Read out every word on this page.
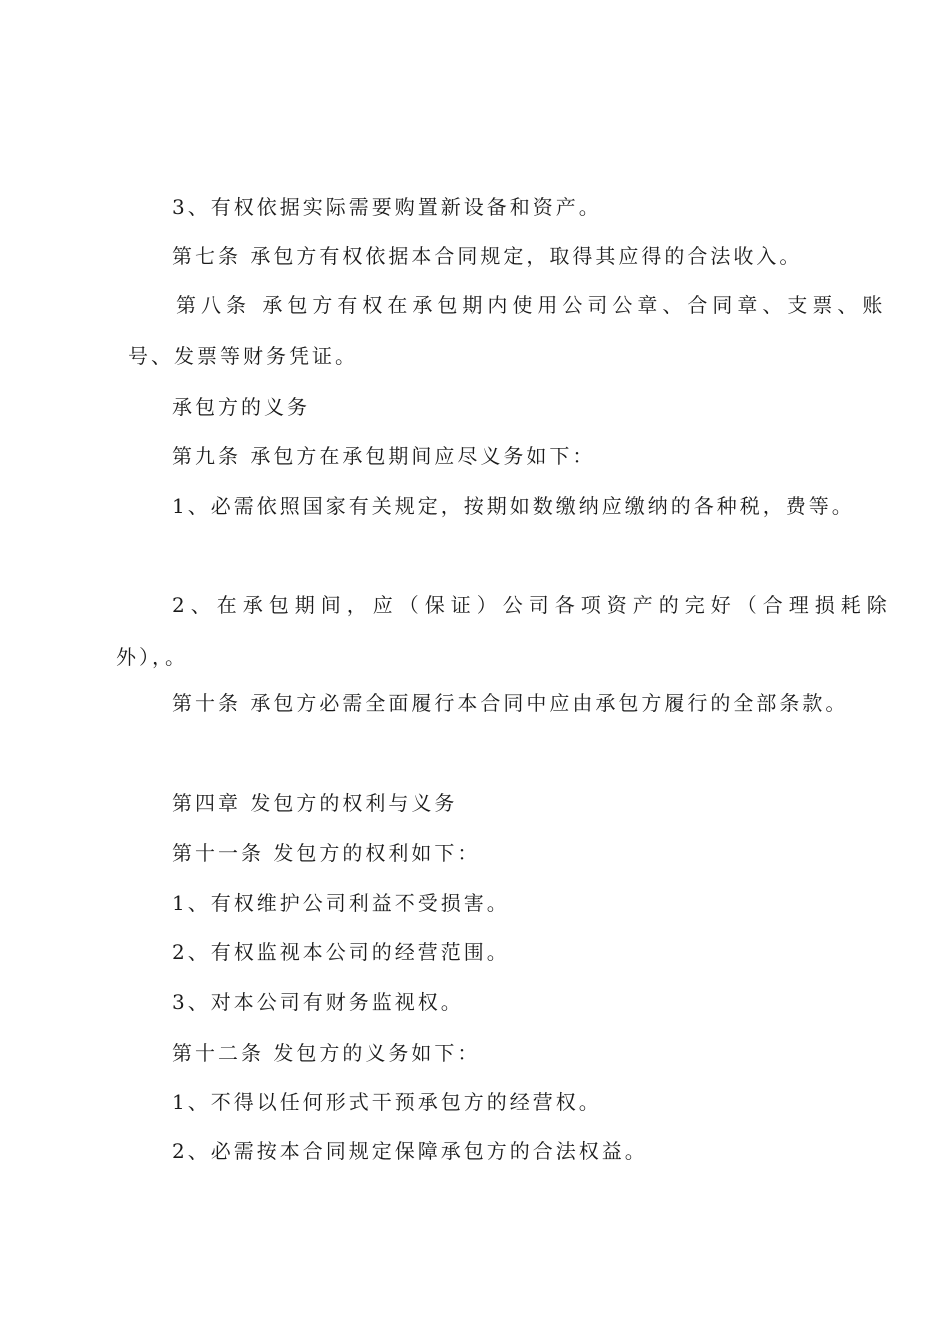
3、有权依据实际需要购置新设备和资产。
第七条 承包方有权依据本合同规定，取得其应得的合法收入。
第八条 承包方有权在承包期内使用公司公章、合同章、支票、账
号、发票等财务凭证。
承包方的义务
第九条 承包方在承包期间应尽义务如下：
1、必需依照国家有关规定，按期如数缴纳应缴纳的各种税，费等。
2、在承包期间，应（保证）公司各项资产的完好（合理损耗除
外），。
第十条 承包方必需全面履行本合同中应由承包方履行的全部条款。
第四章 发包方的权利与义务
第十一条 发包方的权利如下：
1、有权维护公司利益不受损害。
2、有权监视本公司的经营范围。
3、对本公司有财务监视权。
第十二条 发包方的义务如下：
1、不得以任何形式干预承包方的经营权。
2、必需按本合同规定保障承包方的合法权益。
